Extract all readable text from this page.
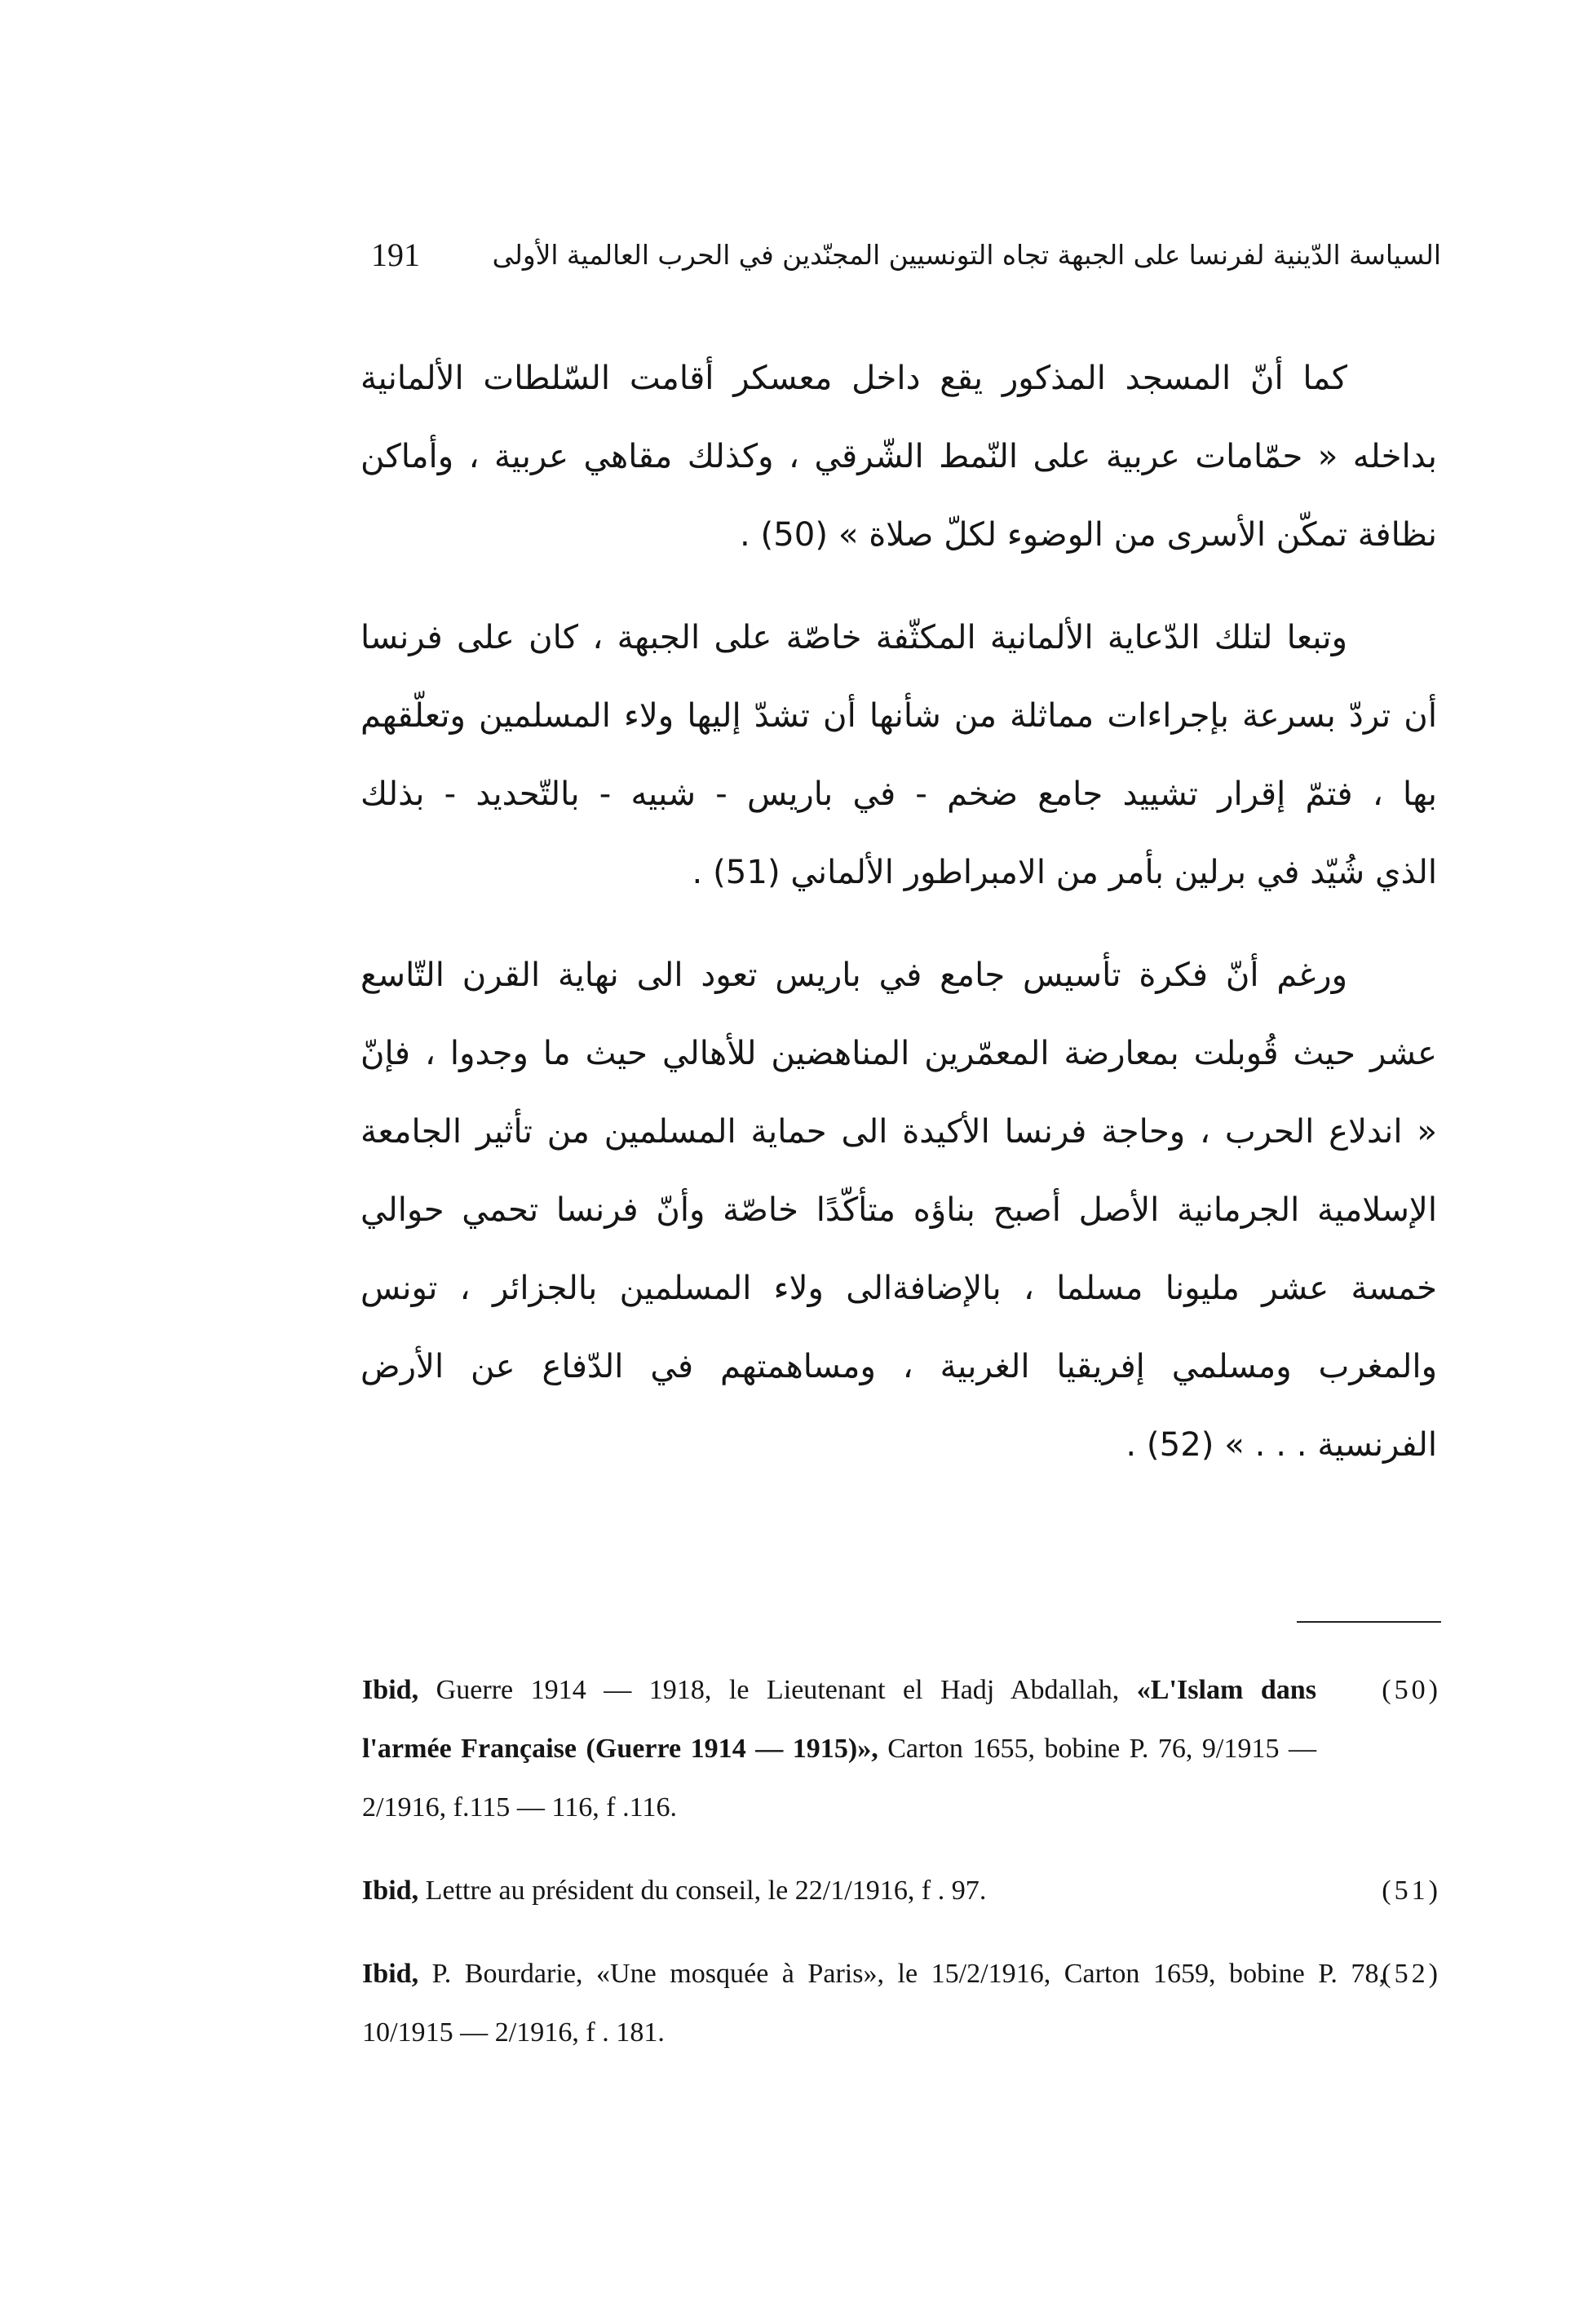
191	السياسة الدّينية لفرنسا على الجبهة تجاه التونسيين المجنّدين في الحرب العالمية الأولى
كما أنّ المسجد المذكور يقع داخل معسكر أقامت السّلطات الألمانية
بداخله « حمّامات عربية على النّمط الشّرقي ، وكذلك مقاهي عربية ، وأماكن
نظافة تمكّن الأسرى من الوضوء لكلّ صلاة » (50) .
وتبعا لتلك الدّعاية الألمانية المكثّفة خاصّة على الجبهة ، كان على فرنسا
أن تردّ بسرعة بإجراءات مماثلة من شأنها أن تشدّ إليها ولاء المسلمين وتعلّقهم
بها ، فتمّ إقرار تشييد جامع ضخم - في باريس - شبيه - بالتّحديد - بذلك
الذي شُيّد في برلين بأمر من الامبراطور الألماني (51) .
ورغم أنّ فكرة تأسيس جامع في باريس تعود الى نهاية القرن التّاسع
عشر حيث قُوبلت بمعارضة المعمّرين المناهضين للأهالي حيث ما وجدوا ، فإنّ
« اندلاع الحرب ، وحاجة فرنسا الأكيدة الى حماية المسلمين من تأثير الجامعة
الإسلامية الجرمانية الأصل أصبح بناؤه متأكّدًا خاصّة وأنّ فرنسا تحمي حوالي
خمسة عشر مليونا مسلما ، بالإضافةالى ولاء المسلمين بالجزائر ، تونس
والمغرب ومسلمي إفريقيا الغربية ، ومساهمتهم في الدّفاع عن الأرض
الفرنسية . . . » (52) .
(50)
Ibid, Guerre 1914 — 1918, le Lieutenant el Hadj Abdallah, «L'Islam dans
l'armée Française (Guerre 1914 — 1915)», Carton 1655, bobine P. 76, 9/1915 —
2/1916, f.115 — 116, f .116.
(51)
Ibid, Lettre au président du conseil, le 22/1/1916, f . 97.
(52)
Ibid, P. Bourdarie, «Une mosquée à Paris», le 15/2/1916, Carton 1659, bobine P. 78,
10/1915 — 2/1916, f . 181.
